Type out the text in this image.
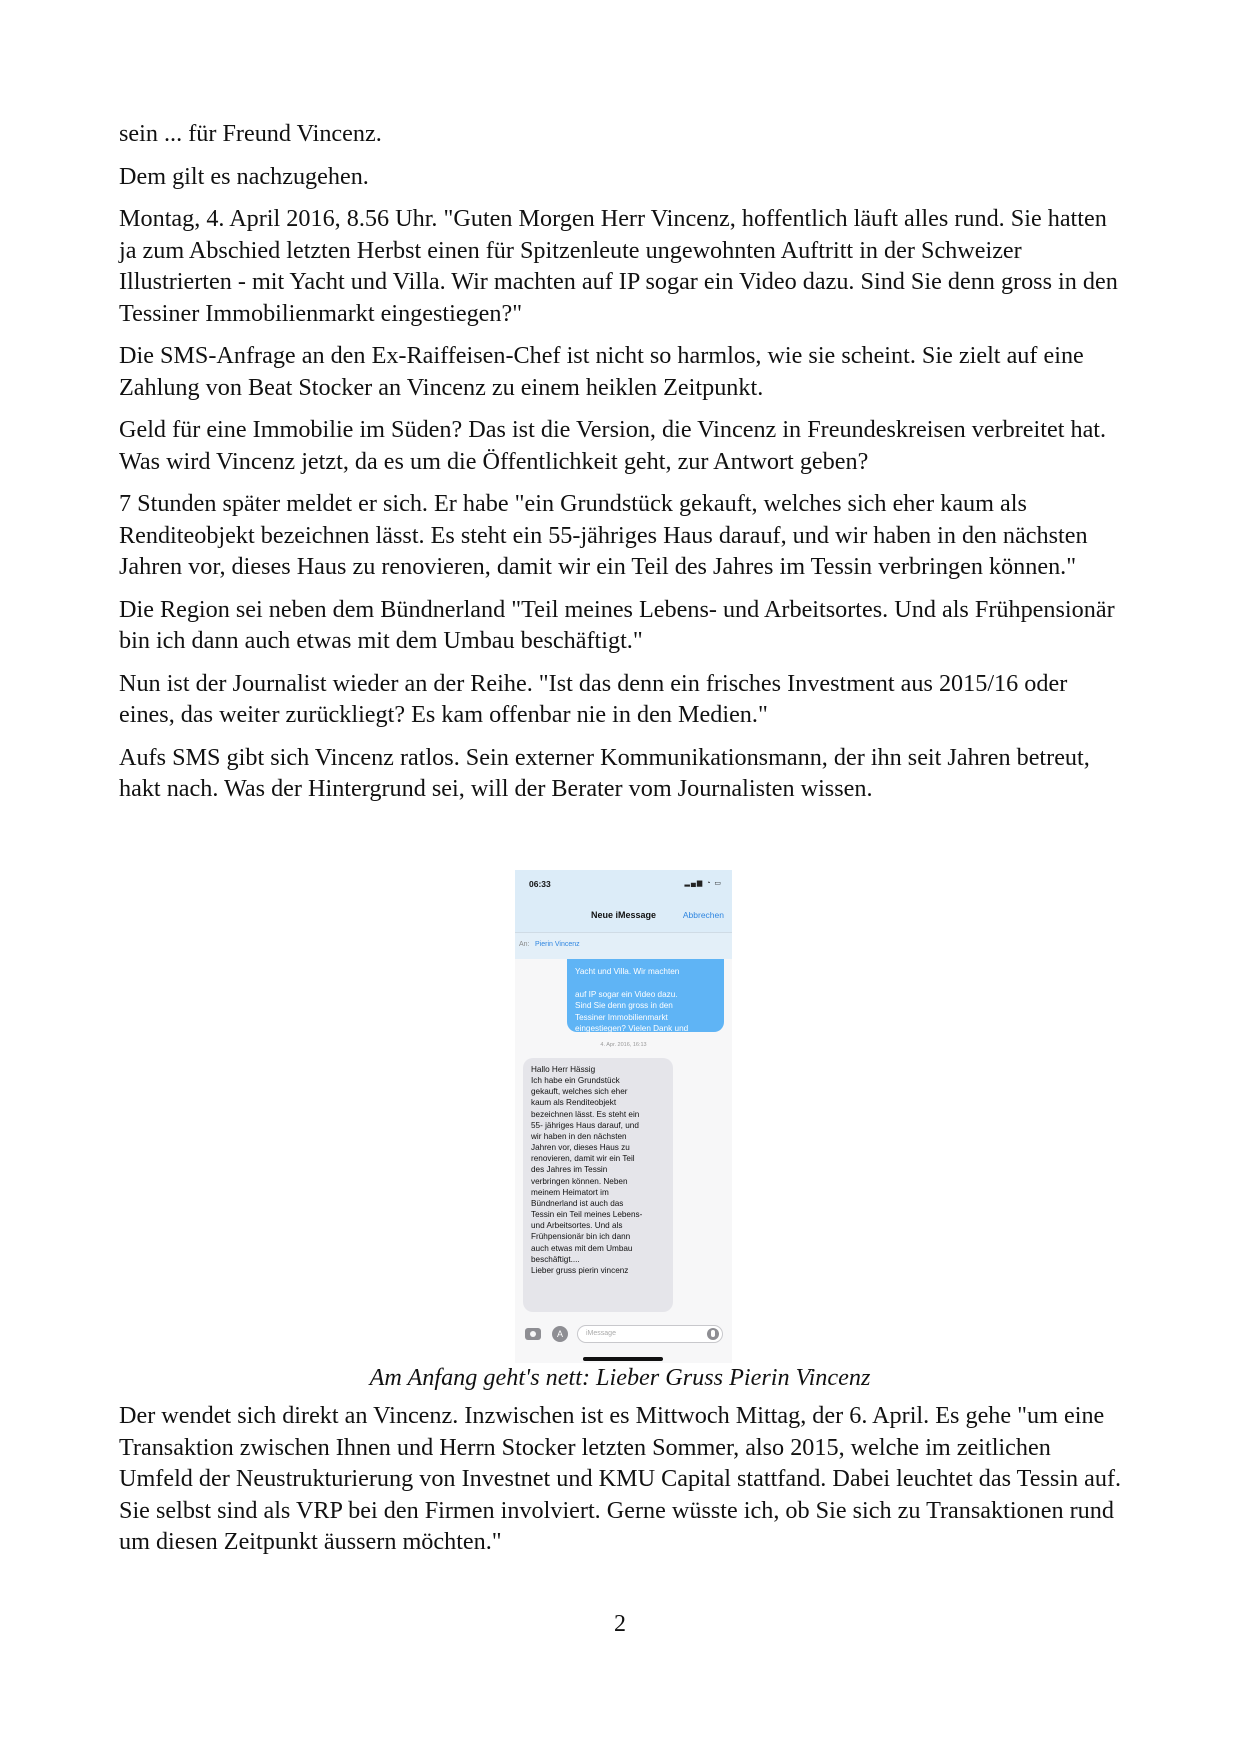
sein ... für Freund Vincenz.

Dem gilt es nachzugehen.

Montag, 4. April 2016, 8.56 Uhr. "Guten Morgen Herr Vincenz, hoffentlich läuft alles rund. Sie hatten ja zum Abschied letzten Herbst einen für Spitzenleute ungewohnten Auftritt in der Schweizer Illustrierten - mit Yacht und Villa. Wir machten auf IP sogar ein Video dazu. Sind Sie denn gross in den Tessiner Immobilienmarkt eingestiegen?"

Die SMS-Anfrage an den Ex-Raiffeisen-Chef ist nicht so harmlos, wie sie scheint. Sie zielt auf eine Zahlung von Beat Stocker an Vincenz zu einem heiklen Zeitpunkt.

Geld für eine Immobilie im Süden? Das ist die Version, die Vincenz in Freundeskreisen verbreitet hat. Was wird Vincenz jetzt, da es um die Öffentlichkeit geht, zur Antwort geben?

7 Stunden später meldet er sich. Er habe "ein Grundstück gekauft, welches sich eher kaum als Renditeobjekt bezeichnen lässt. Es steht ein 55-jähriges Haus darauf, und wir haben in den nächsten Jahren vor, dieses Haus zu renovieren, damit wir ein Teil des Jahres im Tessin verbringen können."

Die Region sei neben dem Bündnerland "Teil meines Lebens- und Arbeitsortes. Und als Frühpensionär bin ich dann auch etwas mit dem Umbau beschäftigt."

Nun ist der Journalist wieder an der Reihe. "Ist das denn ein frisches Investment aus 2015/16 oder eines, das weiter zurückliegt? Es kam offenbar nie in den Medien."

Aufs SMS gibt sich Vincenz ratlos. Sein externer Kommunikationsmann, der ihn seit Jahren betreut, hakt nach. Was der Hintergrund sei, will der Berater vom Journalisten wissen.

06:33	▂▄▆ ◔ ▭
Neue iMessage	Abbrechen
An: Pierin Vincenz

Yacht und Villa. Wir machten

auf IP sogar ein Video dazu.
Sind Sie denn gross in den
Tessiner Immobilienmarkt
eingestiegen? Vielen Dank und

4. Apr. 2016, 16:13
Hallo Herr Hässig
Ich habe ein Grundstück
gekauft, welches sich eher
kaum als Renditeobjekt
bezeichnen lässt. Es steht ein
55- jähriges Haus darauf, und
wir haben in den nächsten
Jahren vor, dieses Haus zu
renovieren, damit wir ein Teil
des Jahres im Tessin
verbringen können. Neben
meinem Heimatort im
Bündnerland ist auch das
Tessin ein Teil meines Lebens-
und Arbeitsortes. Und als
Frühpensionär bin ich dann
auch etwas mit dem Umbau
beschäftigt....
Lieber gruss pierin vincenz
A	iMessage
Am Anfang geht's nett: Lieber Gruss Pierin Vincenz

Der wendet sich direkt an Vincenz. Inzwischen ist es Mittwoch Mittag, der 6. April. Es gehe "um eine Transaktion zwischen Ihnen und Herrn Stocker letzten Sommer, also 2015, welche im zeitlichen Umfeld der Neustrukturierung von Investnet und KMU Capital stattfand. Dabei leuchtet das Tessin auf. Sie selbst sind als VRP bei den Firmen involviert. Gerne wüsste ich, ob Sie sich zu Transaktionen rund um diesen Zeitpunkt äussern möchten."

2
